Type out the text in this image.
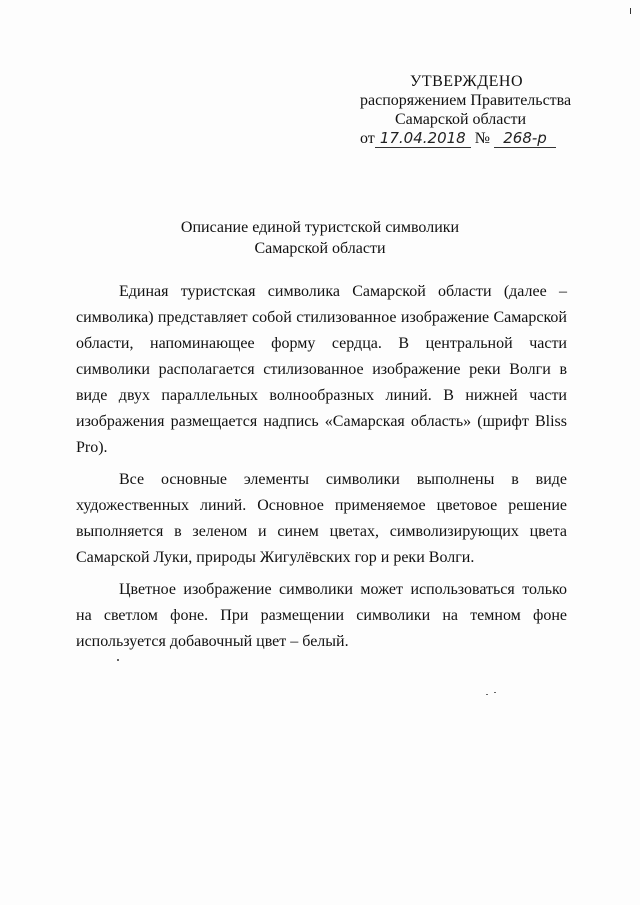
УТВЕРЖДЕНО
распоряжением Правительства
Самарской области
от 17.04.2018 № 268-р
Описание единой туристской символики
Самарской области

Единая туристская символика Самарской области (далее – символика) представляет собой стилизованное изображение Самарской области, напоминающее форму сердца. В центральной части символики располагается стилизованное изображение реки Волги в виде двух параллельных волнообразных линий. В нижней части изображения размещается надпись «Самарская область» (шрифт Bliss Pro).

Все основные элементы символики выполнены в виде художественных линий. Основное применяемое цветовое решение выполняется в зеленом и синем цветах, символизирующих цвета Самарской Луки, природы Жигулёвских гор и реки Волги.

Цветное изображение символики может использоваться только на светлом фоне. При размещении символики на темном фоне используется добавочный цвет – белый.
